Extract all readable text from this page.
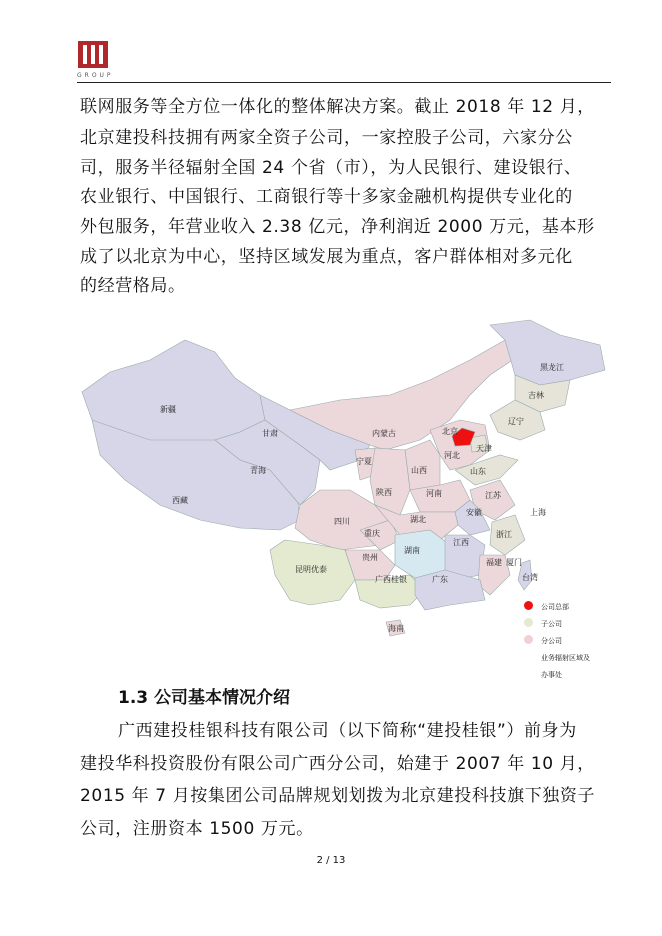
GROUP
联网服务等全方位一体化的整体解决方案。截止 2018 年 12 月，
北京建投科技拥有两家全资子公司，一家控股子公司，六家分公
司，服务半径辐射全国 24 个省（市），为人民银行、建设银行、
农业银行、中国银行、工商银行等十多家金融机构提供专业化的
外包服务，年营业收入 2.38 亿元，净利润近 2000 万元，基本形
成了以北京为中心，坚持区域发展为重点，客户群体相对多元化
的经营格局。
黑龙江
吉林
辽宁
新疆
甘肃	内蒙古	北京
天津
河北
宁夏
青海	山西	山东
西藏
陕西	河南	江苏
安徽	上海
四川	湖北
重庆	浙江
湖南
江西
贵州
昆明优泰
福建 厦门
台湾
广西桂银	广东
海南
公司总部
子公司
分公司
业务辐射区域及
办事处
1.3 公司基本情况介绍
广西建投桂银科技有限公司（以下简称“建投桂银”）前身为
建投华科投资股份有限公司广西分公司，始建于 2007 年 10 月，
2015 年 7 月按集团公司品牌规划划拨为北京建投科技旗下独资子
公司，注册资本 1500 万元。
2 / 13
